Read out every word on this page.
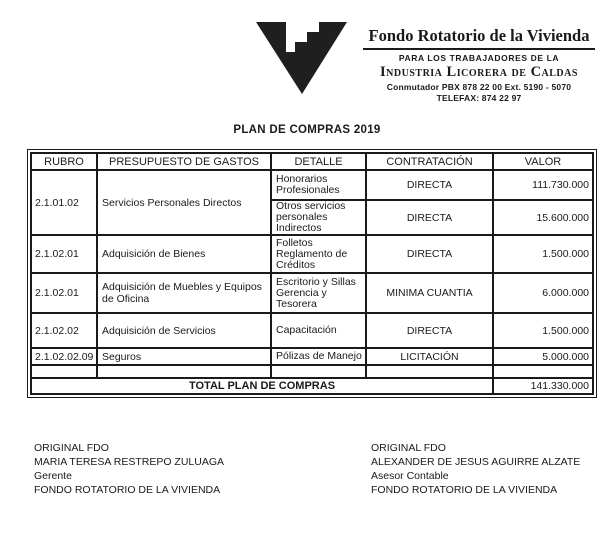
Fondo Rotatorio de la Vivienda
PARA LOS TRABAJADORES DE LA
Industria Licorera de Caldas
Conmutador PBX 878 22 00 Ext. 5190 - 5070
TELEFAX: 874 22 97
PLAN DE COMPRAS 2019
RUBRO	PRESUPUESTO DE GASTOS	DETALLE	CONTRATACIÓN	VALOR
2.1.01.02	Servicios Personales Directos	Honorarios Profesionales	DIRECTA	111.730.000
		Otros servicios personales Indirectos	DIRECTA	15.600.000
2.1.02.01	Adquisición de Bienes	Folletos Reglamento de Créditos	DIRECTA	1.500.000
2.1.02.01	Adquisición de Muebles y Equipos de Oficina	Escritorio y Sillas Gerencia y Tesorera	MINIMA CUANTIA	6.000.000
2.1.02.02	Adquisición de Servicios	Capacitación	DIRECTA	1.500.000
2.1.02.02.09	Seguros	Pólizas de Manejo	LICITACIÓN	5.000.000

TOTAL PLAN DE COMPRAS				141.330.000
ORIGINAL FDO
MARIA TERESA RESTREPO ZULUAGA
Gerente
FONDO ROTATORIO DE LA VIVIENDA
ORIGINAL FDO
ALEXANDER DE JESUS AGUIRRE ALZATE
Asesor Contable
FONDO ROTATORIO DE LA VIVIENDA
